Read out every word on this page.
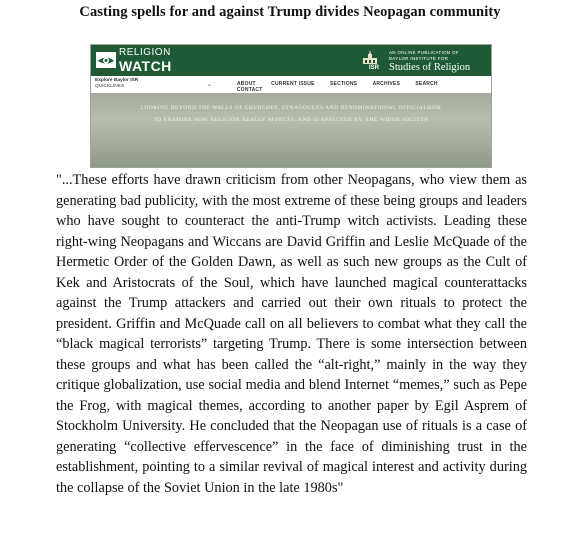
Casting spells for and against Trump divides Neopagan community
RELIGION
WATCH	ISR
AN ONLINE PUBLICATION OF
BAYLOR INSTITUTE FOR
Studies of Religion
Explore Baylor ISR
QUICKLINKS	⌄	ABOUT	CURRENT ISSUE	SECTIONS	ARCHIVES	SEARCH CONTACT
LOOKING BEYOND THE WALLS OF CHURCHES, SYNAGOGUES AND DENOMINATIONAL OFFICIALDOM
TO EXAMINE HOW RELIGION REALLY AFFECTS, AND IS AFFECTED BY, THE WIDER SOCIETY
"...These efforts have drawn criticism from other Neopagans, who view them as generating bad publicity, with the most extreme of these being groups and leaders who have sought to counteract the anti-Trump witch activists. Leading these right-wing Neopagans and Wiccans are David Griffin and Leslie McQuade of the Hermetic Order of the Golden Dawn, as well as such new groups as the Cult of Kek and Aristocrats of the Soul, which have launched magical counterattacks against the Trump attackers and carried out their own rituals to protect the president. Griffin and McQuade call on all believers to combat what they call the “black magical terrorists” targeting Trump. There is some intersection between these groups and what has been called the “alt-right,” mainly in the way they critique globalization, use social media and blend Internet “memes,” such as Pepe the Frog, with magical themes, according to another paper by Egil Asprem of Stockholm University. He concluded that the Neopagan use of rituals is a case of generating “collective effervescence” in the face of diminishing trust in the establishment, pointing to a similar revival of magical interest and activity during the collapse of the Soviet Union in the late 1980s"
